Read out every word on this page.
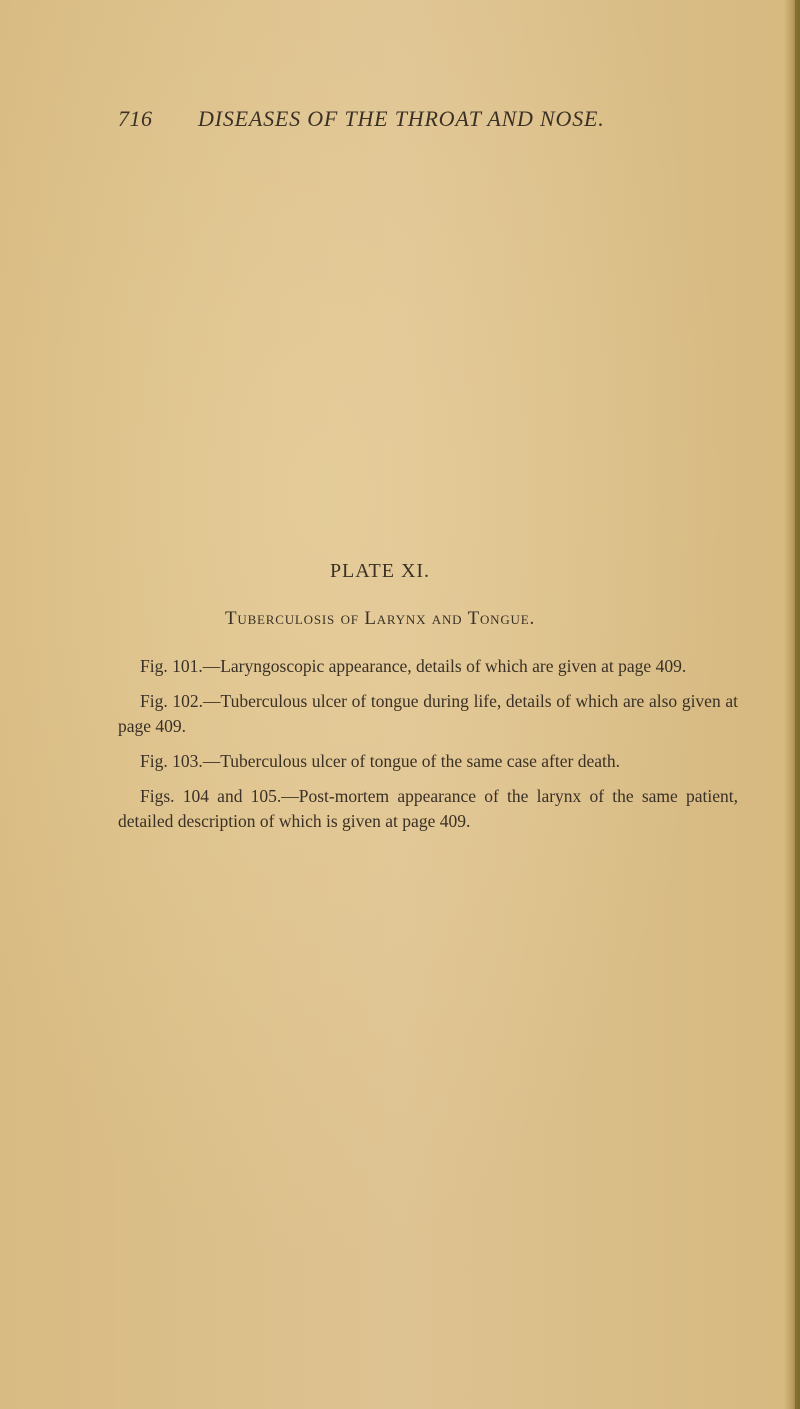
716 DISEASES OF THE THROAT AND NOSE.
PLATE XI.
Tuberculosis of Larynx and Tongue.

Fig. 101.—Laryngoscopic appearance, details of which are given at page 409.

Fig. 102.—Tuberculous ulcer of tongue during life, details of which are also given at page 409.

Fig. 103.—Tuberculous ulcer of tongue of the same case after death.

Figs. 104 and 105.—Post-mortem appearance of the larynx of the same patient, detailed description of which is given at page 409.
